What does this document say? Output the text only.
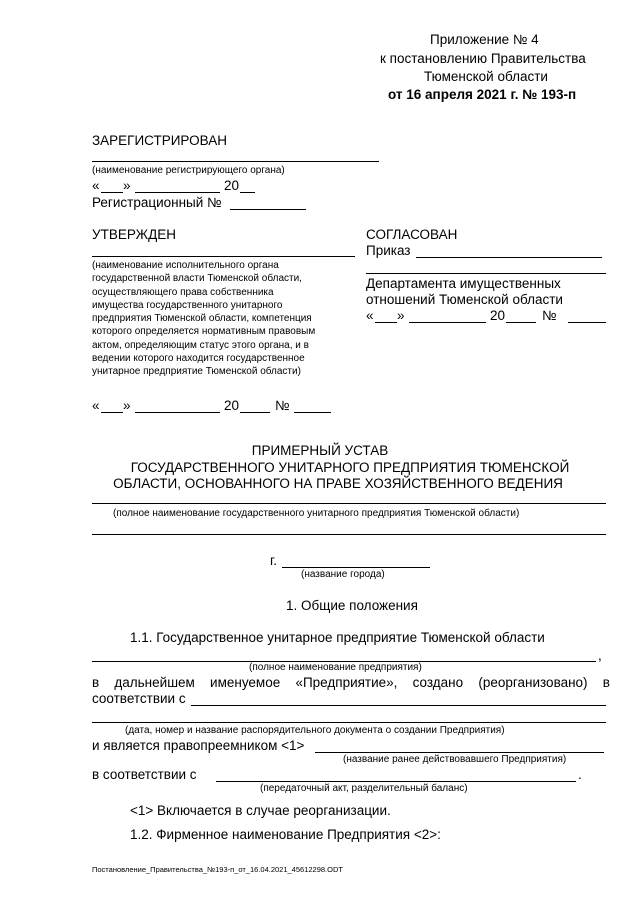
Приложение № 4
к постановлению Правительства
Тюменской области
от 16 апреля 2021 г. № 193-п
ЗАРЕГИСТРИРОВАН
(наименование регистрирующего органа)
« »	20
Регистрационный №
УТВЕРЖДЕН
(наименование исполнительного органа
государственной власти Тюменской области,
осуществляющего права собственника
имущества государственного унитарного
предприятия Тюменской области, компетенция
которого определяется нормативным правовым
актом, определяющим статус этого органа, и в
ведении которого находится государственное
унитарное предприятие Тюменской области)
« »	20	№
СОГЛАСОВАН
Приказ
Департамента имущественных
отношений Тюменской области
« »	20	№
ПРИМЕРНЫЙ УСТАВ
ГОСУДАРСТВЕННОГО УНИТАРНОГО ПРЕДПРИЯТИЯ ТЮМЕНСКОЙ
ОБЛАСТИ, ОСНОВАННОГО НА ПРАВЕ ХОЗЯЙСТВЕННОГО ВЕДЕНИЯ
(полное наименование государственного унитарного предприятия Тюменской области)
г.
(название города)
1. Общие положения
1.1. Государственное унитарное предприятие Тюменской области
,
(полное наименование предприятия)
в дальнейшем именуемое «Предприятие», создано (реорганизовано) в
соответствии с
(дата, номер и название распорядительного документа о создании Предприятия)
и является правопреемником <1>
(название ранее действовавшего Предприятия)
в соответствии с	.
(передаточный акт, разделительный баланс)
<1> Включается в случае реорганизации.
1.2. Фирменное наименование Предприятия <2>:
Постановление_Правительства_№193-п_от_16.04.2021_45612298.ODT
